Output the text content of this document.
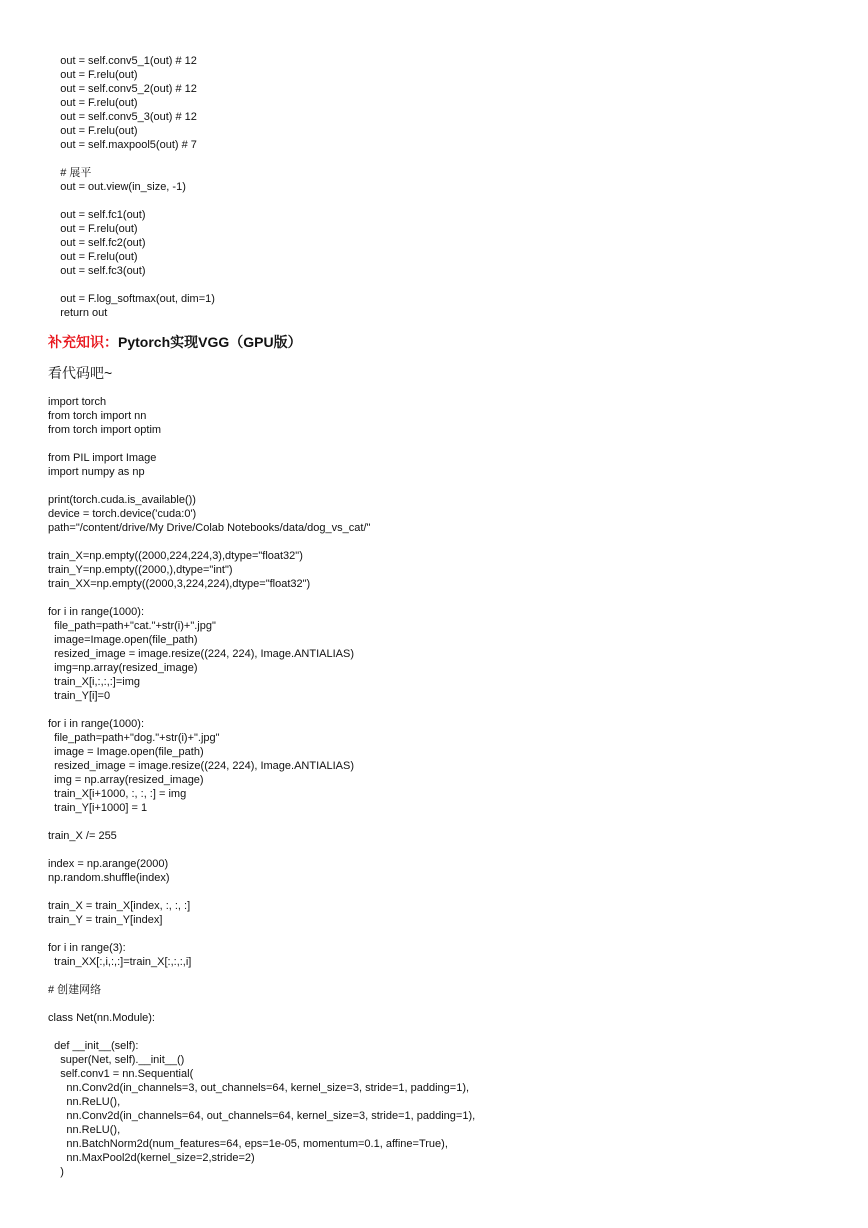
out = self.conv5_1(out) # 12
out = F.relu(out)
out = self.conv5_2(out) # 12
out = F.relu(out)
out = self.conv5_3(out) # 12
out = F.relu(out)
out = self.maxpool5(out) # 7

# 展平
out = out.view(in_size, -1)

out = self.fc1(out)
out = F.relu(out)
out = self.fc2(out)
out = F.relu(out)
out = self.fc3(out)

out = F.log_softmax(out, dim=1)
return out
补充知识：Pytorch实现VGG（GPU版）
看代码吧~
import torch
from torch import nn
from torch import optim

from PIL import Image
import numpy as np

print(torch.cuda.is_available())
device = torch.device('cuda:0')
path="/content/drive/My Drive/Colab Notebooks/data/dog_vs_cat/"

train_X=np.empty((2000,224,224,3),dtype="float32")
train_Y=np.empty((2000,),dtype="int")
train_XX=np.empty((2000,3,224,224),dtype="float32")

for i in range(1000):
file_path=path+"cat."+str(i)+".jpg"
image=Image.open(file_path)
resized_image = image.resize((224, 224), Image.ANTIALIAS)
img=np.array(resized_image)
train_X[i,:,:,:]=img
train_Y[i]=0

for i in range(1000):
file_path=path+"dog."+str(i)+".jpg"
image = Image.open(file_path)
resized_image = image.resize((224, 224), Image.ANTIALIAS)
img = np.array(resized_image)
train_X[i+1000, :, :, :] = img
train_Y[i+1000] = 1

train_X /= 255

index = np.arange(2000)
np.random.shuffle(index)

train_X = train_X[index, :, :, :]
train_Y = train_Y[index]

for i in range(3):
train_XX[:,i,:,:]=train_X[:,:,:,i]

# 创建网络

class Net(nn.Module):

def __init__(self):
super(Net, self).__init__()
self.conv1 = nn.Sequential(
nn.Conv2d(in_channels=3, out_channels=64, kernel_size=3, stride=1, padding=1),
nn.ReLU(),
nn.Conv2d(in_channels=64, out_channels=64, kernel_size=3, stride=1, padding=1),
nn.ReLU(),
nn.BatchNorm2d(num_features=64, eps=1e-05, momentum=0.1, affine=True),
nn.MaxPool2d(kernel_size=2,stride=2)
)
